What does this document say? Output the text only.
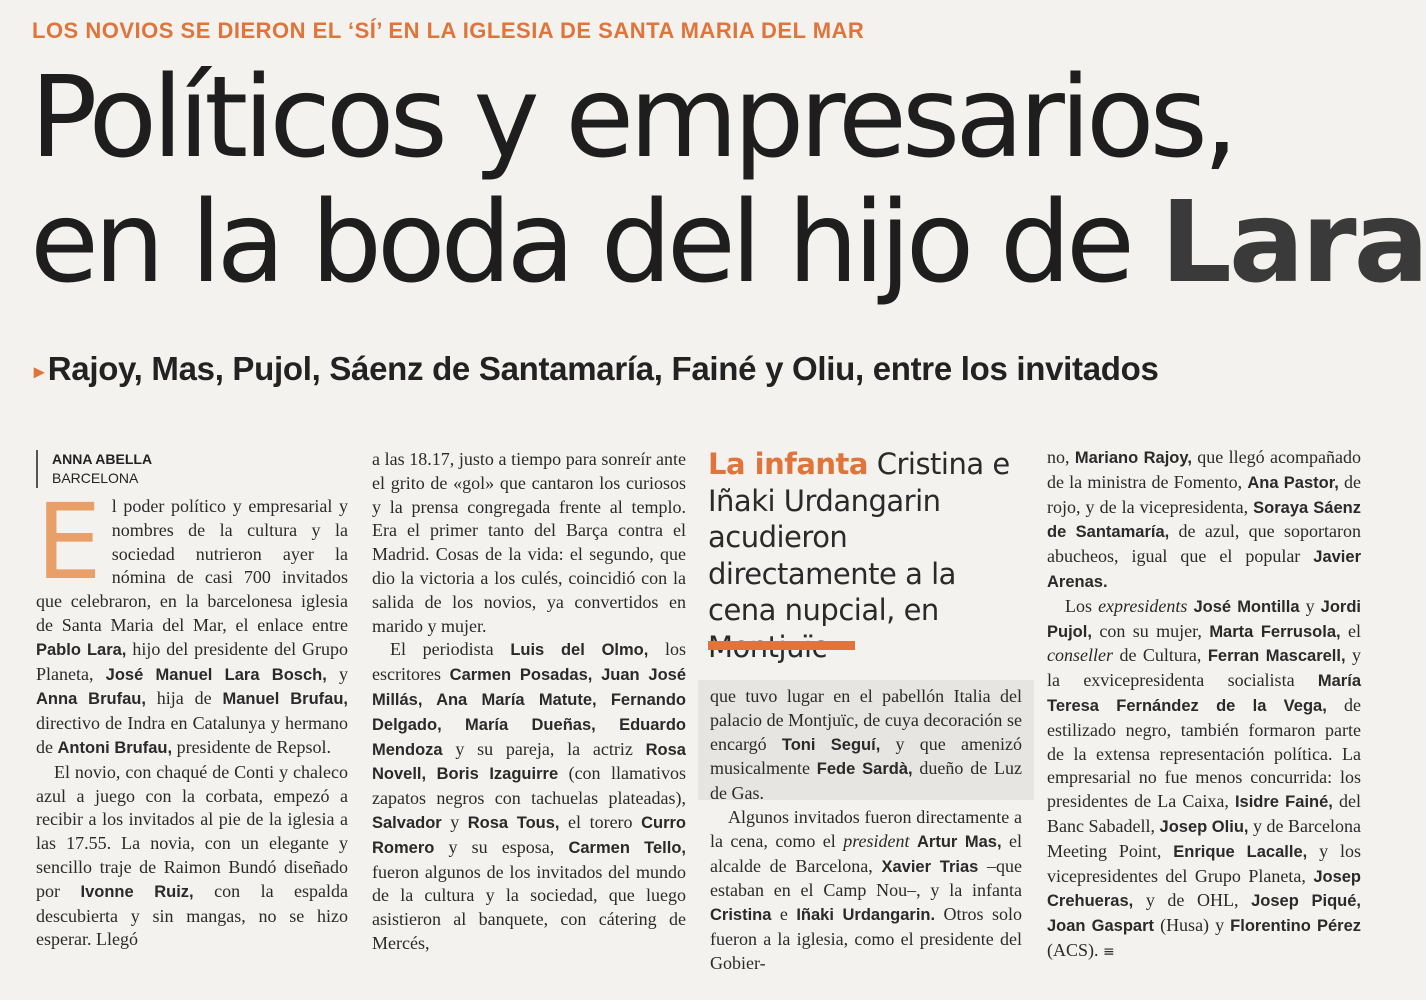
LOS NOVIOS SE DIERON EL ‘SÍ’ EN LA IGLESIA DE SANTA MARIA DEL MAR
Políticos y empresarios,
en la boda del hijo de Lara
▸ Rajoy, Mas, Pujol, Sáenz de Santamaría, Fainé y Oliu, entre los invitados
ANNA ABELLA
BARCELONA
E l poder político y empresarial y nombres de la cultura y la sociedad nutrieron ayer la nómina de casi 700 invitados que celebraron, en la barcelonesa iglesia de Santa Maria del Mar, el enlace entre Pablo Lara, hijo del presidente del Grupo Planeta, José Manuel Lara Bosch, y Anna Brufau, hija de Manuel Brufau, directivo de Indra en Catalunya y hermano de Antoni Brufau, presidente de Repsol.

El novio, con chaqué de Conti y chaleco azul a juego con la corbata, empezó a recibir a los invitados al pie de la iglesia a las 17.55. La novia, con un elegante y sencillo traje de Raimon Bundó diseñado por Ivonne Ruiz, con la espalda descubierta y sin mangas, no se hizo esperar. Llegó

a las 18.17, justo a tiempo para sonreír ante el grito de «gol» que cantaron los curiosos y la prensa congregada frente al templo. Era el primer tanto del Barça contra el Madrid. Cosas de la vida: el segundo, que dio la victoria a los culés, coincidió con la salida de los novios, ya convertidos en marido y mujer.

El periodista Luis del Olmo, los escritores Carmen Posadas, Juan José Millás, Ana María Matute, Fernando Delgado, María Dueñas, Eduardo Mendoza y su pareja, la actriz Rosa Novell, Boris Izaguirre (con llamativos zapatos negros con tachuelas plateadas), Salvador y Rosa Tous, el torero Curro Romero y su esposa, Carmen Tello, fueron algunos de los invitados del mundo de la cultura y la sociedad, que luego asistieron al banquete, con cátering de Mercés,

La infanta Cristina e Iñaki Urdangarin acudieron directamente a la cena nupcial, en

que tuvo lugar en el pabellón Italia del palacio de Montjuïc, de cuya decoración se encargó Toni Seguí, y que amenizó musicalmente Fede Sardà, dueño de Luz de Gas.

Algunos invitados fueron directamente a la cena, como el president Artur Mas, el alcalde de Barcelona, Xavier Trias –que estaban en el Camp Nou–, y la infanta Cristina e Iñaki Urdangarin. Otros solo fueron a la iglesia, como el presidente del Gobier-

no, Mariano Rajoy, que llegó acompañado de la ministra de Fomento, Ana Pastor, de rojo, y de la vicepresidenta, Soraya Sáenz de Santamaría, de azul, que soportaron abucheos, igual que el popular Javier Arenas.

Los expresidents José Montilla y Jordi Pujol, con su mujer, Marta Ferrusola, el conseller de Cultura, Ferran Mascarell, y la exvicepresidenta socialista María Teresa Fernández de la Vega, de estilizado negro, también formaron parte de la extensa representación política. La empresarial no fue menos concurrida: los presidentes de La Caixa, Isidre Fainé, del Banc Sabadell, Josep Oliu, y de Barcelona Meeting Point, Enrique Lacalle, y los vicepresidentes del Grupo Planeta, Josep Crehueras, y de OHL, Josep Piqué, Joan Gaspart (Husa) y Florentino Pérez (ACS). ≡
